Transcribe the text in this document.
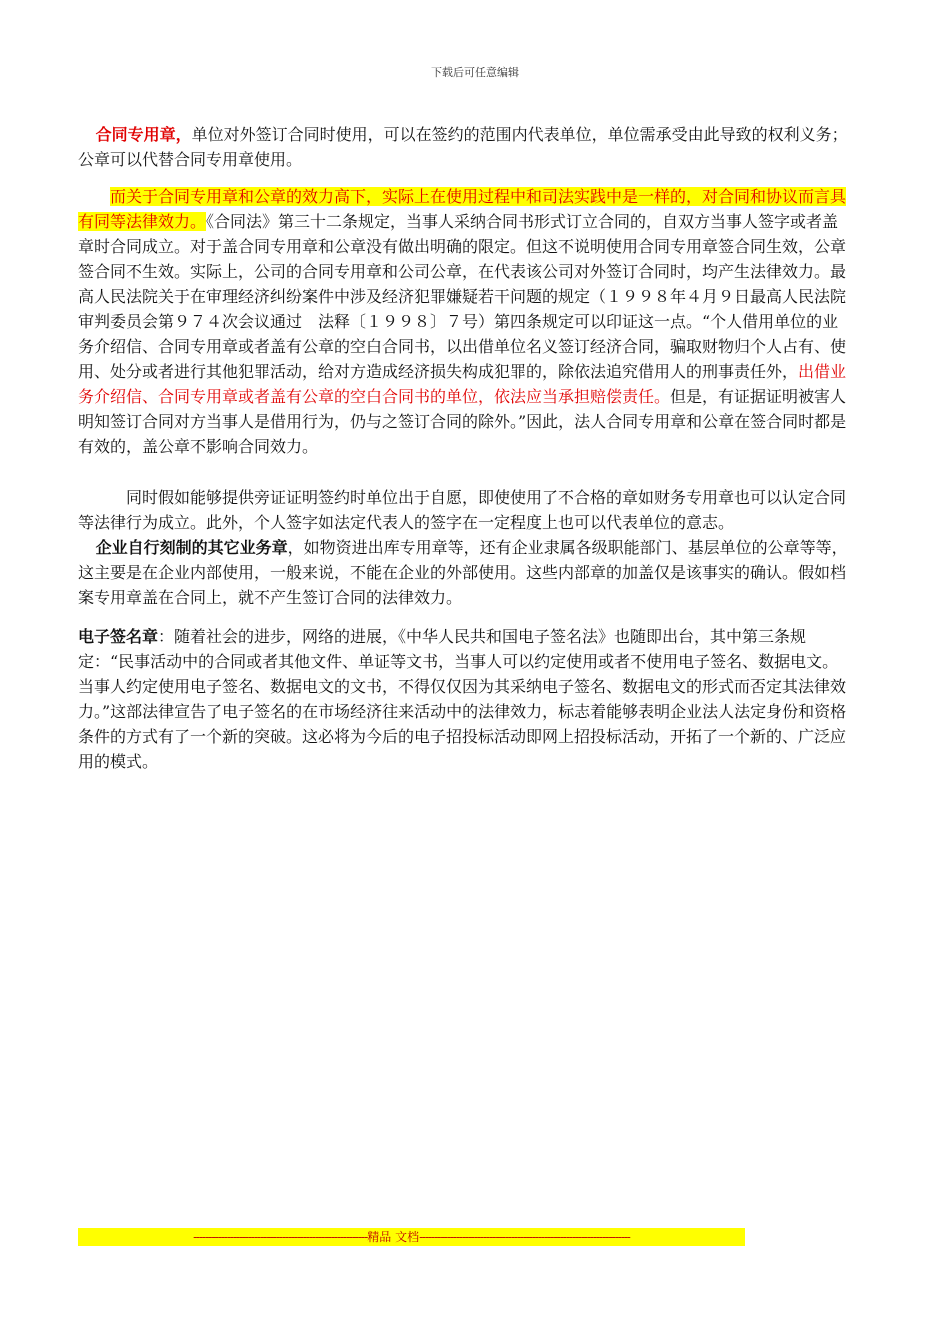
下载后可任意编辑

合同专用章，单位对外签订合同时使用，可以在签约的范围内代表单位，单位需承受由此导致的权利义务；公章可以代替合同专用章使用。

而关于合同专用章和公章的效力高下，实际上在使用过程中和司法实践中是一样的，对合同和协议而言具有同等法律效力。《合同法》第三十二条规定，当事人采纳合同书形式订立合同的，自双方当事人签字或者盖章时合同成立。对于盖合同专用章和公章没有做出明确的限定。但这不说明使用合同专用章签合同生效，公章签合同不生效。实际上，公司的合同专用章和公司公章，在代表该公司对外签订合同时，均产生法律效力。最高人民法院关于在审理经济纠纷案件中涉及经济犯罪嫌疑若干问题的规定（１９９８年４月９日最高人民法院审判委员会第９７４次会议通过　法释〔１９９８〕７号）第四条规定可以印证这一点。“个人借用单位的业务介绍信、合同专用章或者盖有公章的空白合同书，以出借单位名义签订经济合同，骗取财物归个人占有、使用、处分或者进行其他犯罪活动，给对方造成经济损失构成犯罪的，除依法追究借用人的刑事责任外，出借业务介绍信、合同专用章或者盖有公章的空白合同书的单位，依法应当承担赔偿责任。但是，有证据证明被害人明知签订合同对方当事人是借用行为，仍与之签订合同的除外。”因此，法人合同专用章和公章在签合同时都是有效的，盖公章不影响合同效力。

同时假如能够提供旁证证明签约时单位出于自愿，即使使用了不合格的章如财务专用章也可以认定合同等法律行为成立。此外，个人签字如法定代表人的签字在一定程度上也可以代表单位的意志。

企业自行刻制的其它业务章，如物资进出库专用章等，还有企业隶属各级职能部门、基层单位的公章等等，这主要是在企业内部使用，一般来说，不能在企业的外部使用。这些内部章的加盖仅是该事实的确认。假如档案专用章盖在合同上，就不产生签订合同的法律效力。

电子签名章：随着社会的进步，网络的进展，《中华人民共和国电子签名法》也随即出台，其中第三条规定：“民事活动中的合同或者其他文件、单证等文书，当事人可以约定使用或者不使用电子签名、数据电文。当事人约定使用电子签名、数据电文的文书，不得仅仅因为其采纳电子签名、数据电文的形式而否定其法律效力。”这部法律宣告了电子签名的在市场经济往来活动中的法律效力，标志着能够表明企业法人法定身份和资格条件的方式有了一个新的突破。这必将为今后的电子招投标活动即网上招投标活动，开拓了一个新的、广泛应用的模式。

---------------------------------------------------------精品 文档---------------------------------------------------------------------
